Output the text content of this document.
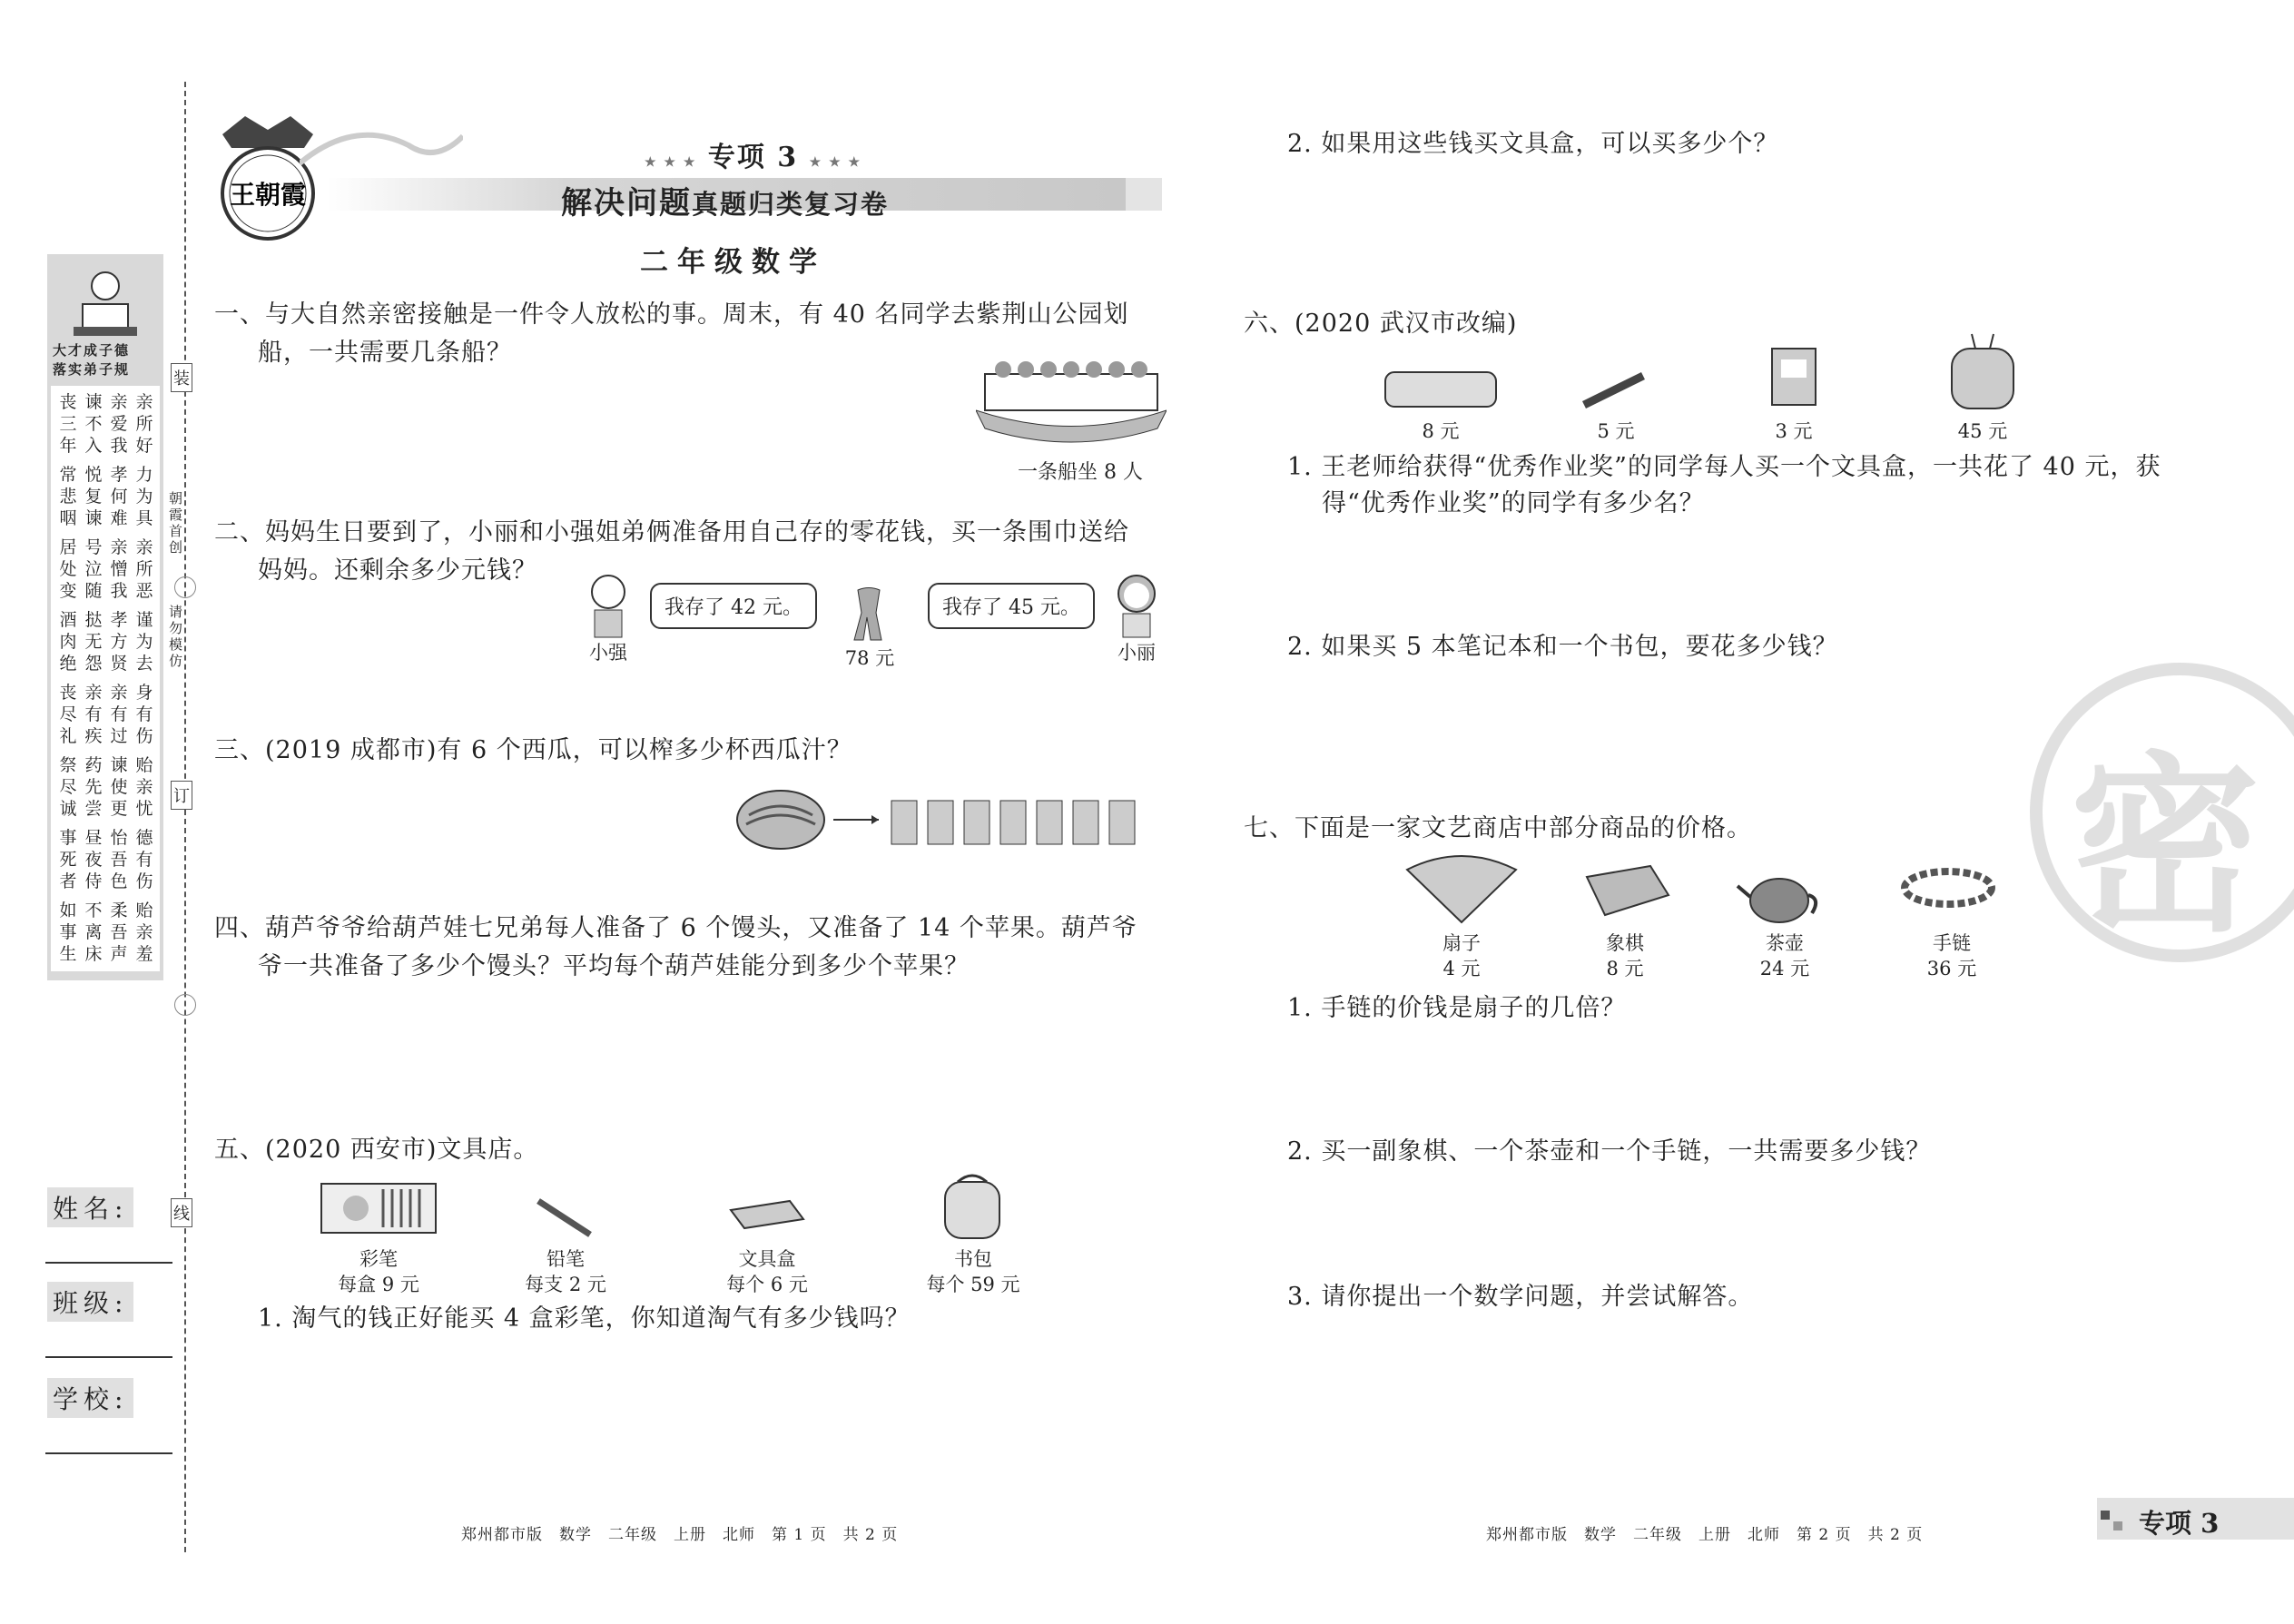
装
订
线
朝霞首创
请勿模仿
大才成子德
落实弟子规
丧三年
谏不入
亲爱我
亲所好
常悲咽
悦复谏
孝何难
力为具
居处变
号泣随
亲憎我
亲所恶
酒肉绝
挞无怨
孝方贤
谨为去
丧尽礼
亲有疾
亲有过
身有伤
祭尽诚
药先尝
谏使更
贻亲忧
事死者
昼夜侍
怡吾色
德有伤
如事生
不离床
柔吾声
贻亲羞
姓名:
班级:
学校:
王朝霞
★ ★ ★ 专项 3 ★ ★ ★
解决问题真题归类复习卷
二年级数学
一、与大自然亲密接触是一件令人放松的事。周末，有 40 名同学去紫荆山公园划
船，一共需要几条船？
一条船坐 8 人
二、妈妈生日要到了，小丽和小强姐弟俩准备用自己存的零花钱，买一条围巾送给
妈妈。还剩余多少元钱？
小强
我存了 42 元。
78 元
我存了 45 元。
小丽
三、(2019 成都市)有 6 个西瓜，可以榨多少杯西瓜汁？
四、葫芦爷爷给葫芦娃七兄弟每人准备了 6 个馒头，又准备了 14 个苹果。葫芦爷
爷一共准备了多少个馒头？平均每个葫芦娃能分到多少个苹果？
五、(2020 西安市)文具店。
彩笔
每盒 9 元
铅笔
每支 2 元
文具盒
每个 6 元
书包
每个 59 元
1. 淘气的钱正好能买 4 盒彩笔，你知道淘气有多少钱吗？
2. 如果用这些钱买文具盒，可以买多少个？
六、(2020 武汉市改编)
8 元	5 元	3 元	45 元
1. 王老师给获得“优秀作业奖”的同学每人买一个文具盒，一共花了 40 元，获
得“优秀作业奖”的同学有多少名？
2. 如果买 5 本笔记本和一个书包，要花多少钱？
密
七、下面是一家文艺商店中部分商品的价格。
扇子
4 元
象棋
8 元
茶壶
24 元
手链
36 元
1. 手链的价钱是扇子的几倍？
2. 买一副象棋、一个茶壶和一个手链，一共需要多少钱？
3. 请你提出一个数学问题，并尝试解答。
郑州都市版　数学　二年级　上册　北师　第 1 页　共 2 页	郑州都市版　数学　二年级　上册　北师　第 2 页　共 2 页	专项 3
